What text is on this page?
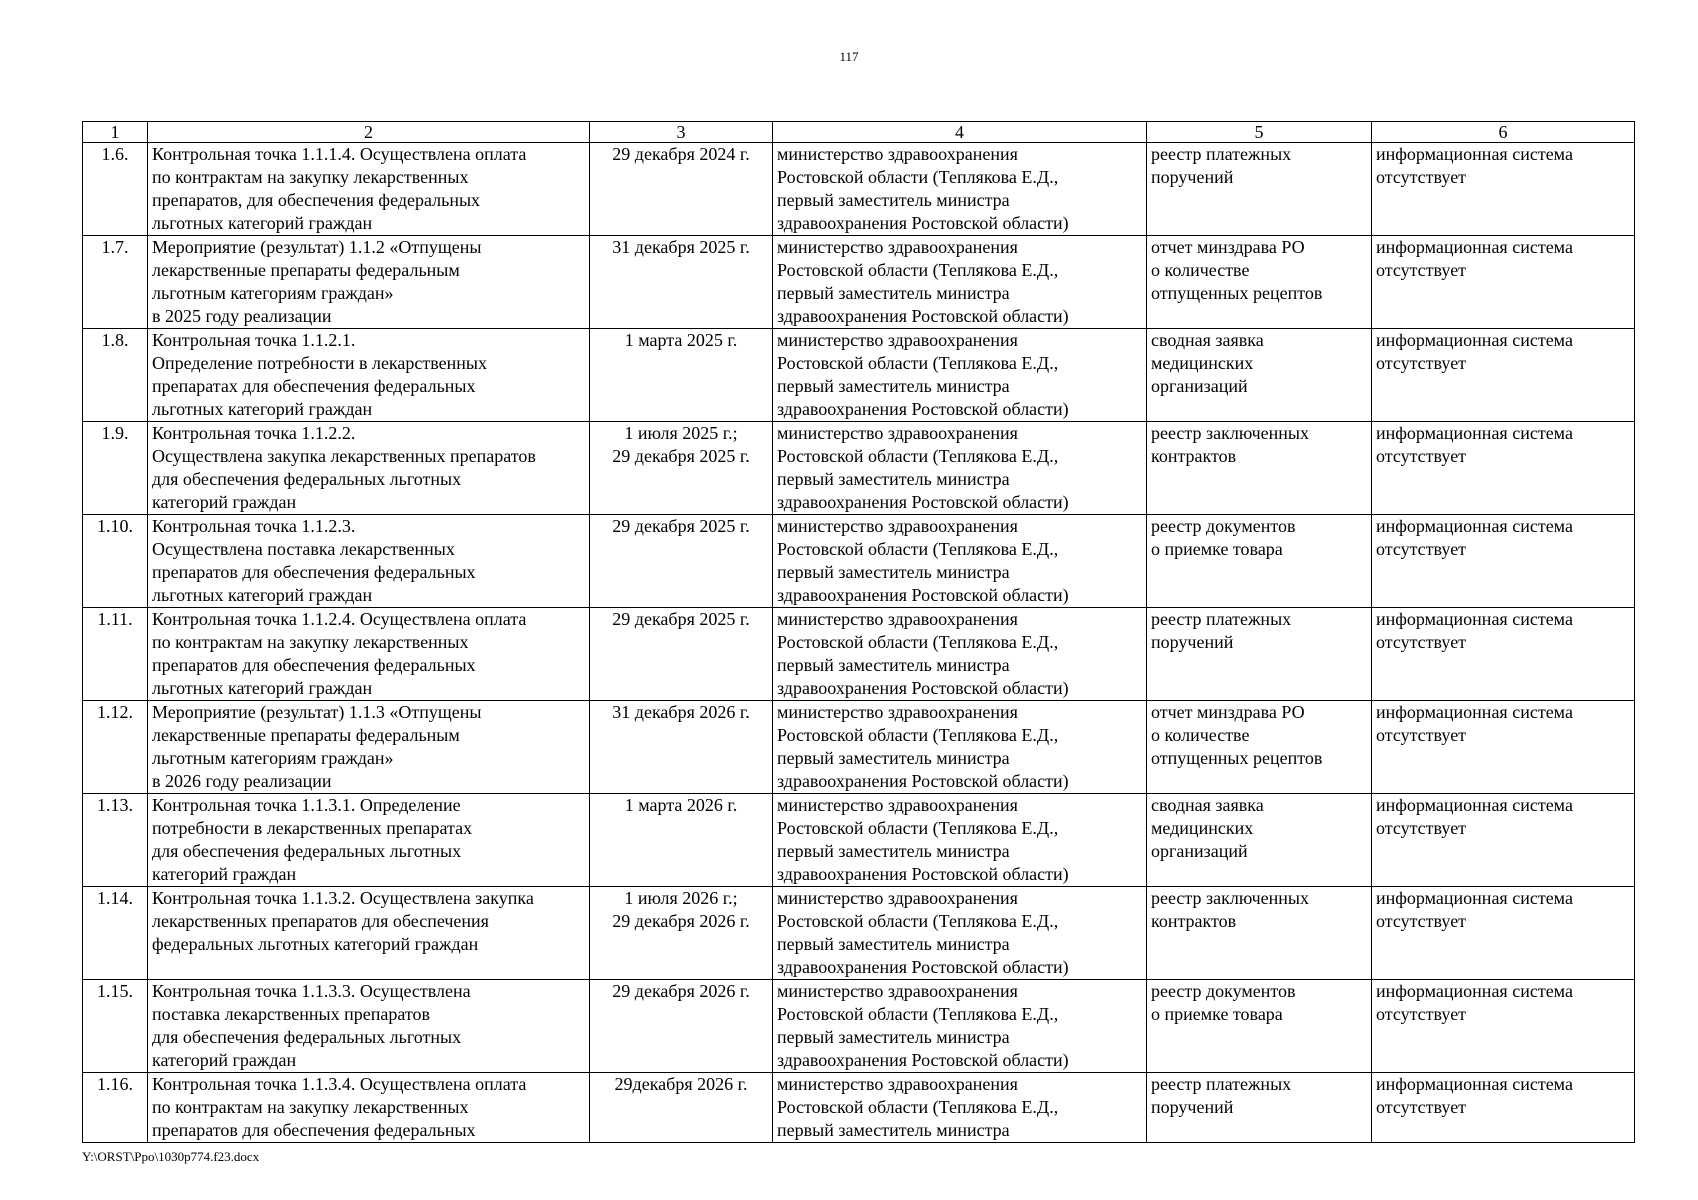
117
1	2	3	4	5	6

1.6.	Контрольная точка 1.1.1.4. Осуществлена оплата
по контрактам на закупку лекарственных
препаратов, для обеспечения федеральных
льготных категорий граждан	29 декабря 2024 г.	министерство здравоохранения
Ростовской области (Теплякова Е.Д.,
первый заместитель министра
здравоохранения Ростовской области)	реестр платежных
поручений	информационная система
отсутствует

1.7.	Мероприятие (результат) 1.1.2 «Отпущены
лекарственные препараты федеральным
льготным категориям граждан»
в 2025 году реализации	31 декабря 2025 г.	министерство здравоохранения
Ростовской области (Теплякова Е.Д.,
первый заместитель министра
здравоохранения Ростовской области)	отчет минздрава РО
о количестве
отпущенных рецептов	информационная система
отсутствует

1.8.	Контрольная точка 1.1.2.1.
Определение потребности в лекарственных
препаратах для обеспечения федеральных
льготных категорий граждан	1 марта 2025 г.	министерство здравоохранения
Ростовской области (Теплякова Е.Д.,
первый заместитель министра
здравоохранения Ростовской области)	сводная заявка
медицинских
организаций	информационная система
отсутствует

1.9.	Контрольная точка 1.1.2.2.
Осуществлена закупка лекарственных препаратов
для обеспечения федеральных льготных
категорий граждан	1 июля 2025 г.;
29 декабря 2025 г.	министерство здравоохранения
Ростовской области (Теплякова Е.Д.,
первый заместитель министра
здравоохранения Ростовской области)	реестр заключенных
контрактов	информационная система
отсутствует

1.10.	Контрольная точка 1.1.2.3.
Осуществлена поставка лекарственных
препаратов для обеспечения федеральных
льготных категорий граждан	29 декабря 2025 г.	министерство здравоохранения
Ростовской области (Теплякова Е.Д.,
первый заместитель министра
здравоохранения Ростовской области)	реестр документов
о приемке товара	информационная система
отсутствует

1.11.	Контрольная точка 1.1.2.4. Осуществлена оплата
по контрактам на закупку лекарственных
препаратов для обеспечения федеральных
льготных категорий граждан	29 декабря 2025 г.	министерство здравоохранения
Ростовской области (Теплякова Е.Д.,
первый заместитель министра
здравоохранения Ростовской области)	реестр платежных
поручений	информационная система
отсутствует

1.12.	Мероприятие (результат) 1.1.3 «Отпущены
лекарственные препараты федеральным
льготным категориям граждан»
в 2026 году реализации	31 декабря 2026 г.	министерство здравоохранения
Ростовской области (Теплякова Е.Д.,
первый заместитель министра
здравоохранения Ростовской области)	отчет минздрава РО
о количестве
отпущенных рецептов	информационная система
отсутствует

1.13.	Контрольная точка 1.1.3.1. Определение
потребности в лекарственных препаратах
для обеспечения федеральных льготных
категорий граждан	1 марта 2026 г.	министерство здравоохранения
Ростовской области (Теплякова Е.Д.,
первый заместитель министра
здравоохранения Ростовской области)	сводная заявка
медицинских
организаций	информационная система
отсутствует

1.14.	Контрольная точка 1.1.3.2. Осуществлена закупка
лекарственных препаратов для обеспечения
федеральных льготных категорий граждан	1 июля 2026 г.;
29 декабря 2026 г.	министерство здравоохранения
Ростовской области (Теплякова Е.Д.,
первый заместитель министра
здравоохранения Ростовской области)	реестр заключенных
контрактов	информационная система
отсутствует

1.15.	Контрольная точка 1.1.3.3. Осуществлена
поставка лекарственных препаратов
для обеспечения федеральных льготных
категорий граждан	29 декабря 2026 г.	министерство здравоохранения
Ростовской области (Теплякова Е.Д.,
первый заместитель министра
здравоохранения Ростовской области)	реестр документов
о приемке товара	информационная система
отсутствует

1.16.	Контрольная точка 1.1.3.4. Осуществлена оплата
по контрактам на закупку лекарственных
препаратов для обеспечения федеральных	29декабря 2026 г.	министерство здравоохранения
Ростовской области (Теплякова Е.Д.,
первый заместитель министра	реестр платежных
поручений	информационная система
отсутствует
Y:\ORST\Ppo\1030p774.f23.docx
